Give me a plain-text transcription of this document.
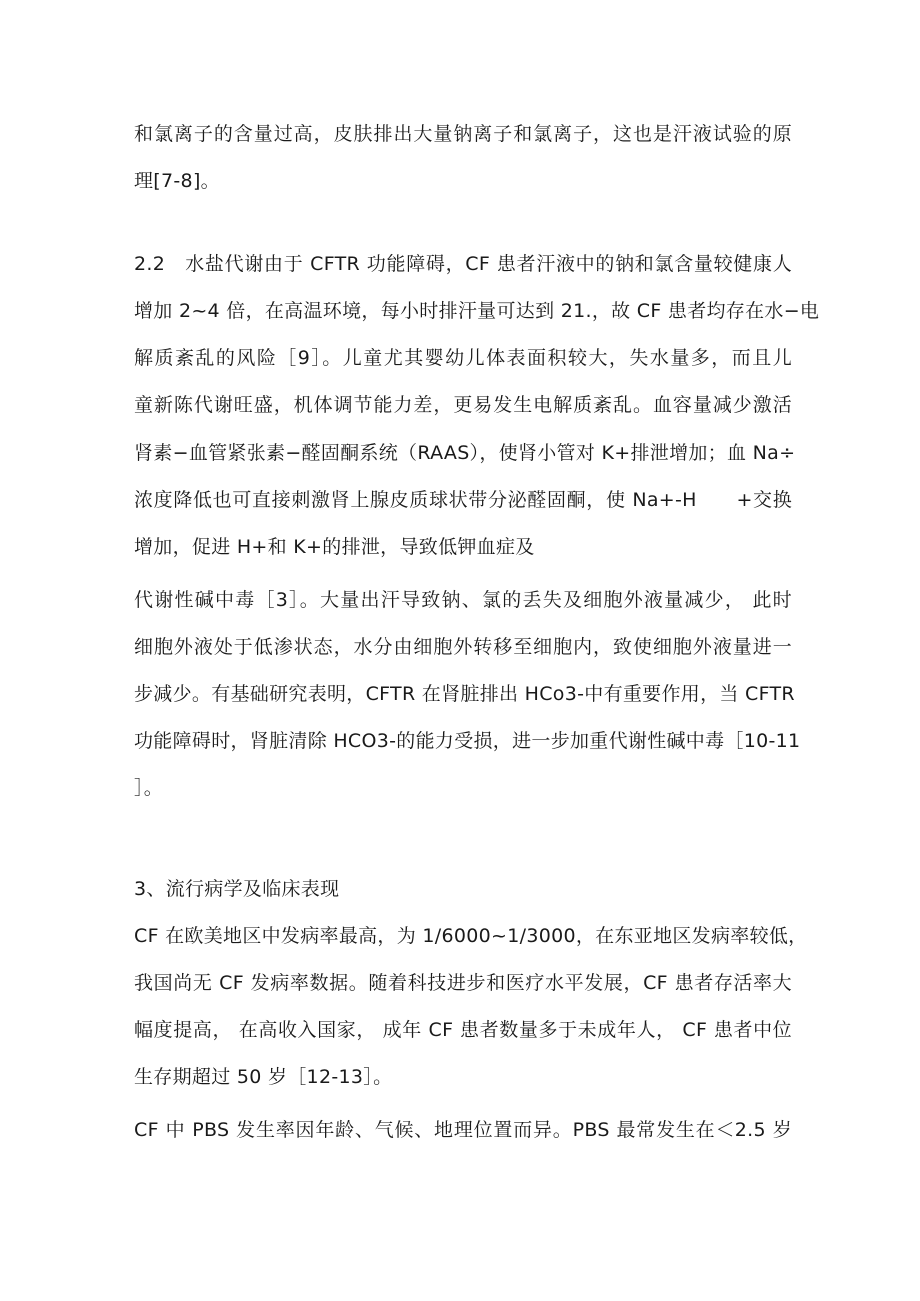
和氯离子的含量过高，皮肤排出大量钠离子和氯离子，这也是汗液试验的原
理[7-8]。
2.2　水盐代谢由于 CFTR 功能障碍，CF 患者汗液中的钠和氯含量较健康人
增加 2~4 倍，在高温环境，每小时排汗量可达到 21.，故 CF 患者均存在水−电
解质紊乱的风险［9］。儿童尤其婴幼儿体表面积较大，失水量多，而且儿
童新陈代谢旺盛，机体调节能力差，更易发生电解质紊乱。血容量减少激活
肾素−血管紧张素−醛固酮系统（RAAS），使肾小管对 K+排泄增加；血 Na÷
浓度降低也可直接刺激肾上腺皮质球状带分泌醛固酮，使 Na+-H　　+交换
增加，促进 H+和 K+的排泄，导致低钾血症及
代谢性碱中毒［3］。大量出汗导致钠、氯的丢失及细胞外液量减少， 此时
细胞外液处于低渗状态，水分由细胞外转移至细胞内，致使细胞外液量进一
步减少。有基础研究表明，CFTR 在肾脏排出 HCo3-中有重要作用，当 CFTR
功能障碍时，肾脏清除 HCO3-的能力受损，进一步加重代谢性碱中毒［10-11
］。
3、流行病学及临床表现
CF 在欧美地区中发病率最高，为 1/6000~1/3000，在东亚地区发病率较低，
我国尚无 CF 发病率数据。随着科技进步和医疗水平发展，CF 患者存活率大
幅度提高， 在高收入国家， 成年 CF 患者数量多于未成年人， CF 患者中位
生存期超过 50 岁［12-13］。
CF 中 PBS 发生率因年龄、气候、地理位置而异。PBS 最常发生在＜2.5 岁
